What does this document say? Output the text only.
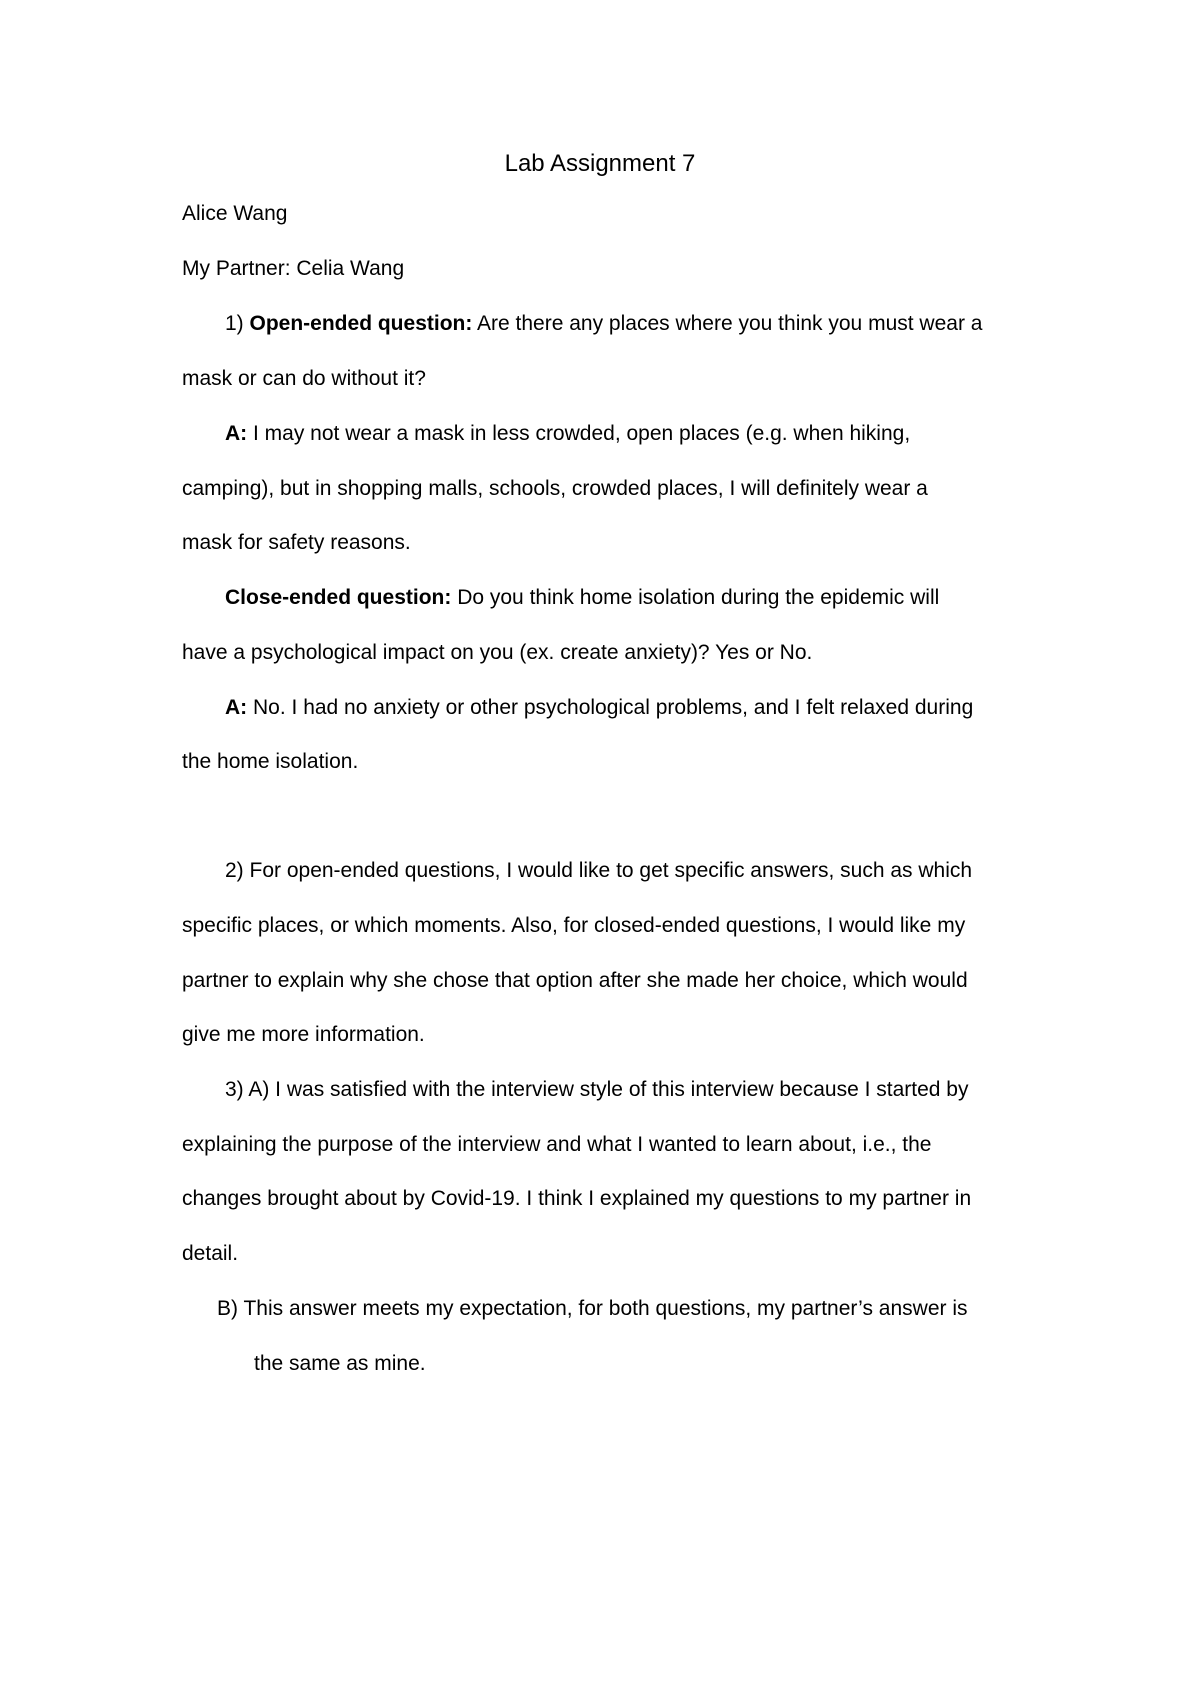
Lab Assignment 7
Alice Wang
My Partner: Celia Wang
1) Open-ended question: Are there any places where you think you must wear a
mask or can do without it?
A: I may not wear a mask in less crowded, open places (e.g. when hiking,
camping), but in shopping malls, schools, crowded places, I will definitely wear a
mask for safety reasons.
Close-ended question: Do you think home isolation during the epidemic will
have a psychological impact on you (ex. create anxiety)? Yes or No.
A: No. I had no anxiety or other psychological problems, and I felt relaxed during
the home isolation.
2) For open-ended questions, I would like to get specific answers, such as which
specific places, or which moments. Also, for closed-ended questions, I would like my
partner to explain why she chose that option after she made her choice, which would
give me more information.
3) A) I was satisfied with the interview style of this interview because I started by
explaining the purpose of the interview and what I wanted to learn about, i.e., the
changes brought about by Covid-19. I think I explained my questions to my partner in
detail.
B) This answer meets my expectation, for both questions, my partner’s answer is
the same as mine.
